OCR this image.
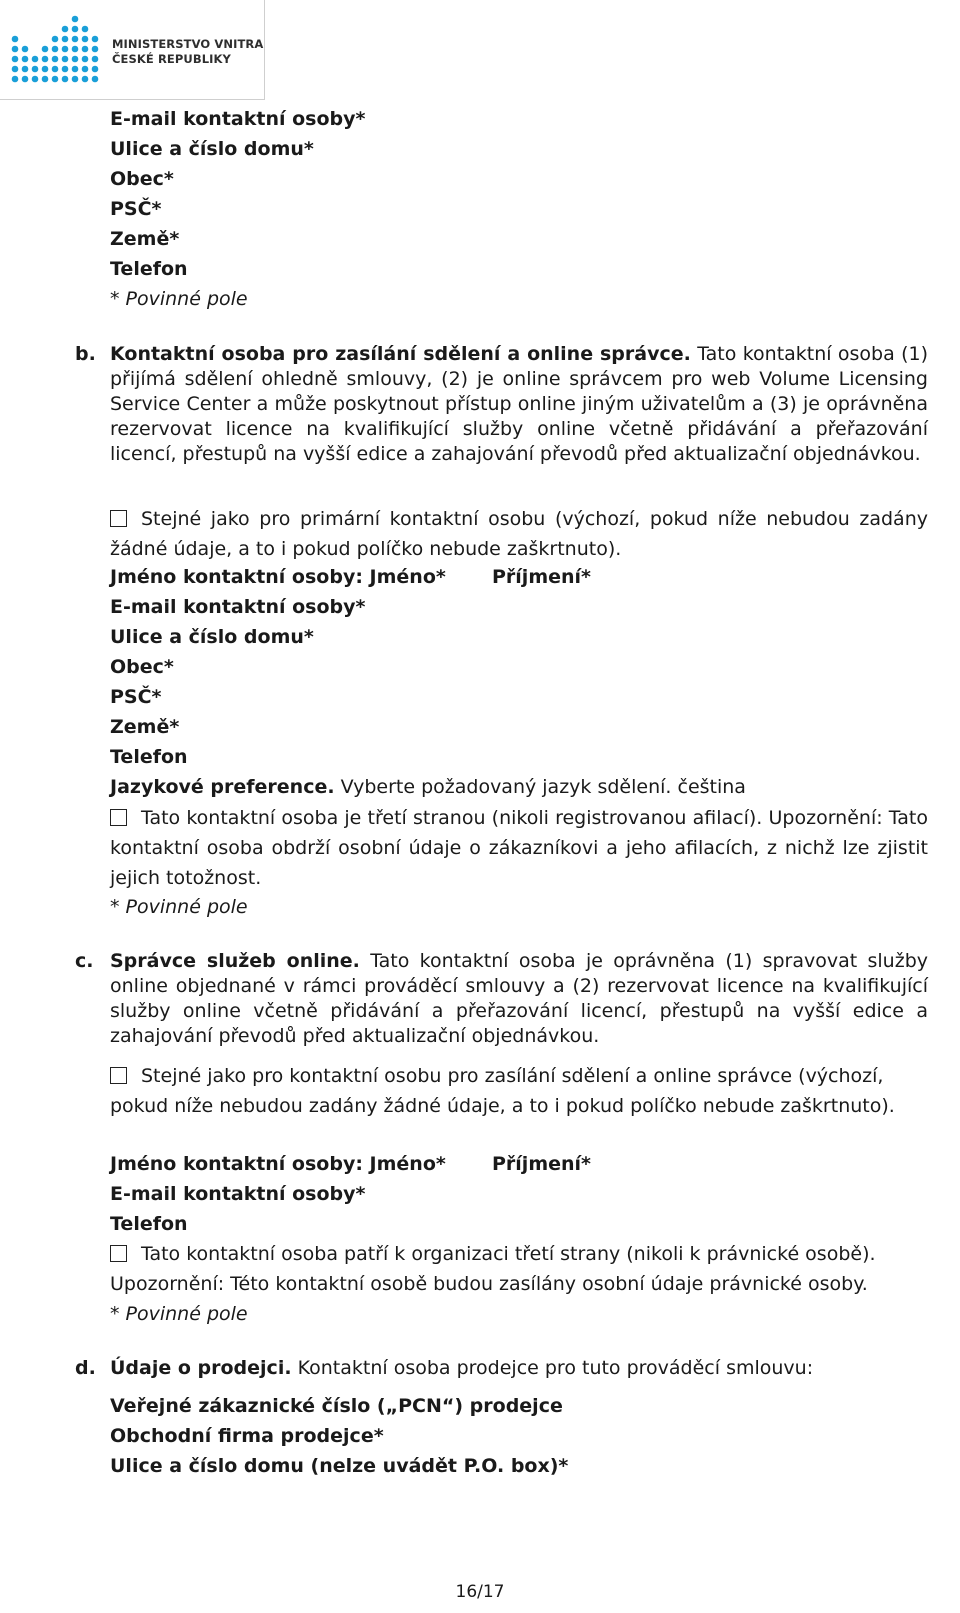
MINISTERSTVO VNITRA
ČESKÉ REPUBLIKY
E-mail kontaktní osoby*
Ulice a číslo domu*
Obec*
PSČ*
Země*
Telefon
* Povinné pole
b. Kontaktní osoba pro zasílání sdělení a online správce. Tato kontaktní osoba (1) přijímá sdělení ohledně smlouvy, (2) je online správcem pro web Volume Licensing Service Center a může poskytnout přístup online jiným uživatelům a (3) je oprávněna rezervovat licence na kvalifikující služby online včetně přidávání a přeřazování licencí, přestupů na vyšší edice a zahajování převodů před aktualizační objednávkou.
Stejné jako pro primární kontaktní osobu (výchozí, pokud níže nebudou zadány žádné údaje, a to i pokud políčko nebude zaškrtnuto).
Jméno kontaktní osoby: Jméno* Příjmení*
E-mail kontaktní osoby*
Ulice a číslo domu*
Obec*
PSČ*
Země*
Telefon
Jazykové preference. Vyberte požadovaný jazyk sdělení. čeština
Tato kontaktní osoba je třetí stranou (nikoli registrovanou afilací). Upozornění: Tato kontaktní osoba obdrží osobní údaje o zákazníkovi a jeho afilacích, z nichž lze zjistit jejich totožnost.
* Povinné pole
c. Správce služeb online. Tato kontaktní osoba je oprávněna (1) spravovat služby online objednané v rámci prováděcí smlouvy a (2) rezervovat licence na kvalifikující služby online včetně přidávání a přeřazování licencí, přestupů na vyšší edice a zahajování převodů před aktualizační objednávkou.
Stejné jako pro kontaktní osobu pro zasílání sdělení a online správce (výchozí, pokud níže nebudou zadány žádné údaje, a to i pokud políčko nebude zaškrtnuto).
Jméno kontaktní osoby: Jméno* Příjmení*
E-mail kontaktní osoby*
Telefon
Tato kontaktní osoba patří k organizaci třetí strany (nikoli k právnické osobě).
Upozornění: Této kontaktní osobě budou zasílány osobní údaje právnické osoby.
* Povinné pole
d. Údaje o prodejci. Kontaktní osoba prodejce pro tuto prováděcí smlouvu:
Veřejné zákaznické číslo („PCN“) prodejce
Obchodní firma prodejce*
Ulice a číslo domu (nelze uvádět P.O. box)*
16/17
